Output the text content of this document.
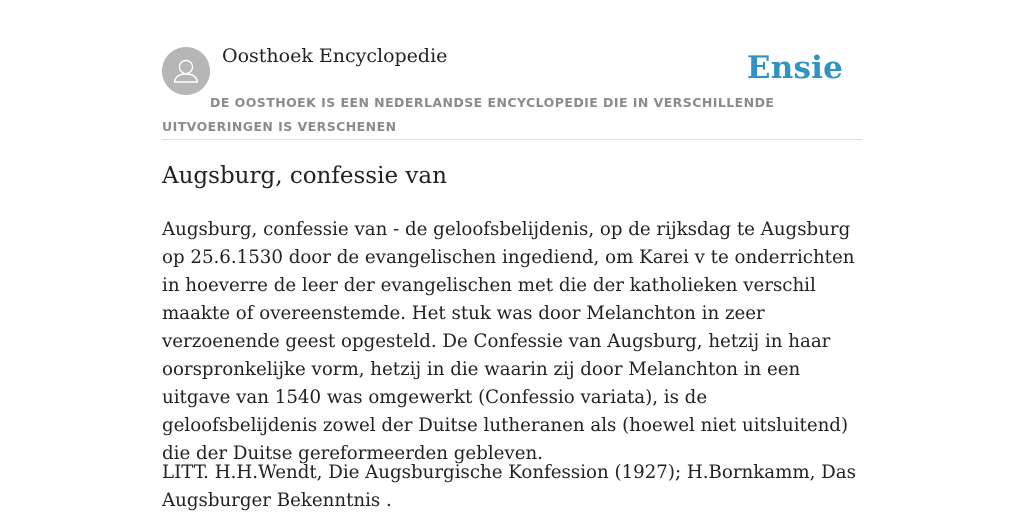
Oosthoek Encyclopedie	Ensie
DE OOSTHOEK IS EEN NEDERLANDSE ENCYCLOPEDIE DIE IN VERSCHILLENDE UITVOERINGEN IS VERSCHENEN
Augsburg, confessie van

Augsburg, confessie van - de geloofsbelijdenis, op de rijksdag te Augsburg op 25.6.1530 door de evangelischen ingediend, om Karei v te onderrichten in hoeverre de leer der evangelischen met die der katholieken verschil maakte of overeenstemde. Het stuk was door Melanchton in zeer verzoenende geest opgesteld. De Confessie van Augsburg, hetzij in haar oorspronkelijke vorm, hetzij in die waarin zij door Melanchton in een uitgave van 1540 was omgewerkt (Confessio variata), is de geloofsbelijdenis zowel der Duitse lutheranen als (hoewel niet uitsluitend) die der Duitse gereformeerden gebleven.

LITT. H.H.Wendt, Die Augsburgische Konfession (1927); H.Bornkamm, Das Augsburger Bekenntnis .
